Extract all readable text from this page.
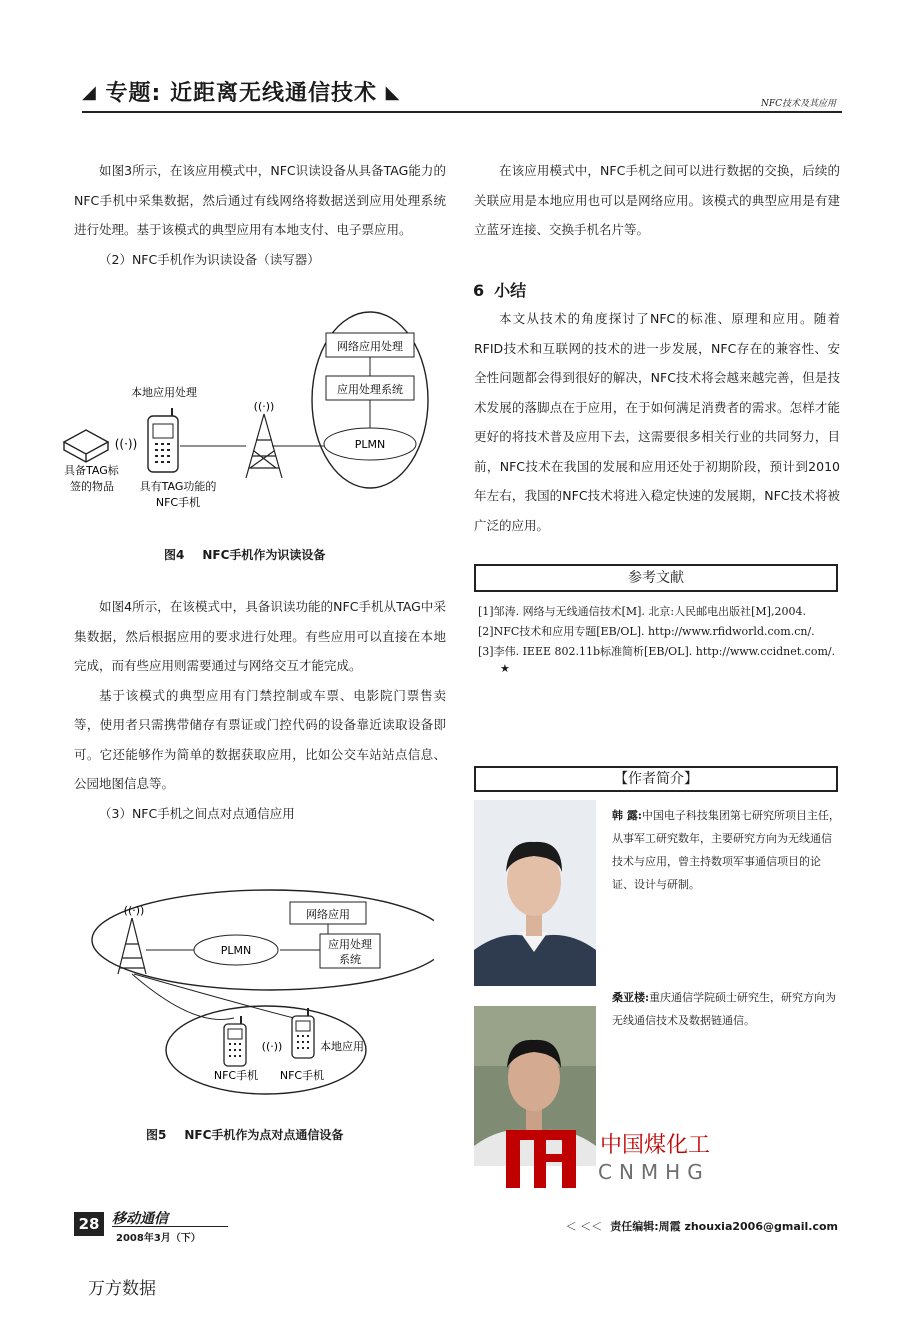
◢ 专题: 近距离无线通信技术 ◣
NFC技术及其应用

如图3所示，在该应用模式中，NFC识读设备从具备TAG能力的NFC手机中采集数据，然后通过有线网络将数据送到应用处理系统进行处理。基于该模式的典型应用有本地支付、电子票应用。

（2）NFC手机作为识读设备（读写器）
网络应用处理
应用处理系统
PLMN
((·))
本地应用处理
((·))
具备TAG标
签的物品 具有TAG功能的
NFC手机
图4 NFC手机作为识读设备

如图4所示，在该模式中，具备识读功能的NFC手机从TAG中采集数据，然后根据应用的要求进行处理。有些应用可以直接在本地完成，而有些应用则需要通过与网络交互才能完成。

基于该模式的典型应用有门禁控制或车票、电影院门票售卖等，使用者只需携带储存有票证或门控代码的设备靠近读取设备即可。它还能够作为简单的数据获取应用，比如公交车站站点信息、公园地图信息等。

（3）NFC手机之间点对点通信应用
网络应用
应用处理
系统
PLMN
((·))
((·))	本地应用
NFC手机 NFC手机
图5 NFC手机作为点对点通信设备

在该应用模式中，NFC手机之间可以进行数据的交换，后续的关联应用是本地应用也可以是网络应用。该模式的典型应用是有建立蓝牙连接、交换手机名片等。

6 小结

本文从技术的角度探讨了NFC的标准、原理和应用。随着RFID技术和互联网的技术的进一步发展，NFC存在的兼容性、安全性问题都会得到很好的解决，NFC技术将会越来越完善，但是技术发展的落脚点在于应用，在于如何满足消费者的需求。怎样才能更好的将技术普及应用下去，这需要很多相关行业的共同努力，目前，NFC技术在我国的发展和应用还处于初期阶段，预计到2010年左右，我国的NFC技术将进入稳定快速的发展期，NFC技术将被广泛的应用。

参考文献
[1]邹涛. 网络与无线通信技术[M]. 北京:人民邮电出版社[M],2004.
[2]NFC技术和应用专题[EB/OL]. http://www.rfidworld.com.cn/.
[3]李伟. IEEE 802.11b标准简析[EB/OL]. http://www.ccidnet.com/. ★
【作者简介】
韩 露:中国电子科技集团第七研究所项目主任，从事军工研究数年，主要研究方向为无线通信技术与应用，曾主持数项军事通信项目的论证、设计与研制。
桑亚楼:重庆通信学院硕士研究生，研究方向为无线通信技术及数据链通信。
中国煤化工
CNMHG
28 移动通信
2008年3月（下）
＜ ＜＜ 责任编辑:周霞 zhouxia2006@gmail.com
万方数据
